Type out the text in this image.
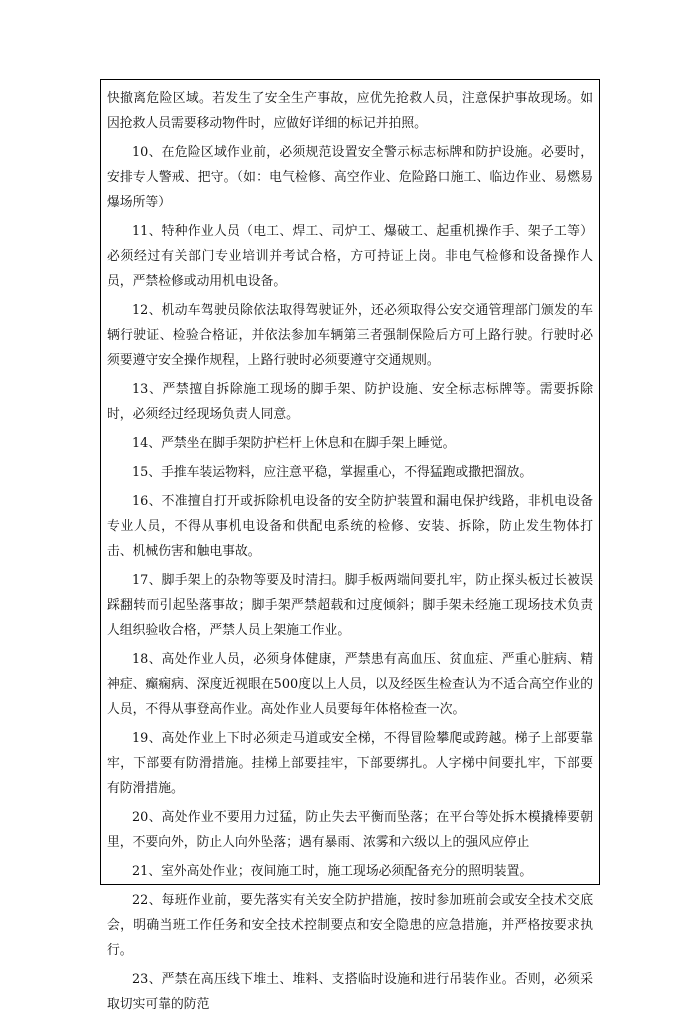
快撤离危险区域。若发生了安全生产事故，应优先抢救人员，注意保护事故现场。如因抢救人员需要移动物件时，应做好详细的标记并拍照。

10、在危险区域作业前，必须规范设置安全警示标志标牌和防护设施。必要时，安排专人警戒、把守。（如：电气检修、高空作业、危险路口施工、临边作业、易燃易爆场所等）

11、特种作业人员（电工、焊工、司炉工、爆破工、起重机操作手、架子工等）必须经过有关部门专业培训并考试合格，方可持证上岗。非电气检修和设备操作人员，严禁检修或动用机电设备。

12、机动车驾驶员除依法取得驾驶证外，还必须取得公安交通管理部门颁发的车辆行驶证、检验合格证，并依法参加车辆第三者强制保险后方可上路行驶。行驶时必须要遵守安全操作规程，上路行驶时必须要遵守交通规则。

13、严禁擅自拆除施工现场的脚手架、防护设施、安全标志标牌等。需要拆除时，必须经过经现场负责人同意。

14、严禁坐在脚手架防护栏杆上休息和在脚手架上睡觉。

15、手推车装运物料，应注意平稳，掌握重心，不得猛跑或撒把溜放。

16、不准擅自打开或拆除机电设备的安全防护装置和漏电保护线路，非机电设备专业人员，不得从事机电设备和供配电系统的检修、安装、拆除，防止发生物体打击、机械伤害和触电事故。

17、脚手架上的杂物等要及时清扫。脚手板两端间要扎牢，防止探头板过长被误踩翻转而引起坠落事故；脚手架严禁超载和过度倾斜；脚手架未经施工现场技术负责人组织验收合格，严禁人员上架施工作业。

18、高处作业人员，必须身体健康，严禁患有高血压、贫血症、严重心脏病、精神症、癫痫病、深度近视眼在500度以上人员，以及经医生检查认为不适合高空作业的人员，不得从事登高作业。高处作业人员要每年体格检查一次。

19、高处作业上下时必须走马道或安全梯，不得冒险攀爬或跨越。梯子上部要靠牢，下部要有防滑措施。挂梯上部要挂牢，下部要绑扎。人字梯中间要扎牢，下部要有防滑措施。

20、高处作业不要用力过猛，防止失去平衡而坠落；在平台等处拆木模撬棒要朝里，不要向外，防止人向外坠落；遇有暴雨、浓雾和六级以上的强风应停止

21、室外高处作业；夜间施工时，施工现场必须配备充分的照明装置。

22、每班作业前，要先落实有关安全防护措施，按时参加班前会或安全技术交底会，明确当班工作任务和安全技术控制要点和安全隐患的应急措施，并严格按要求执行。

23、严禁在高压线下堆土、堆料、支搭临时设施和进行吊装作业。否则，必须采取切实可靠的防范
